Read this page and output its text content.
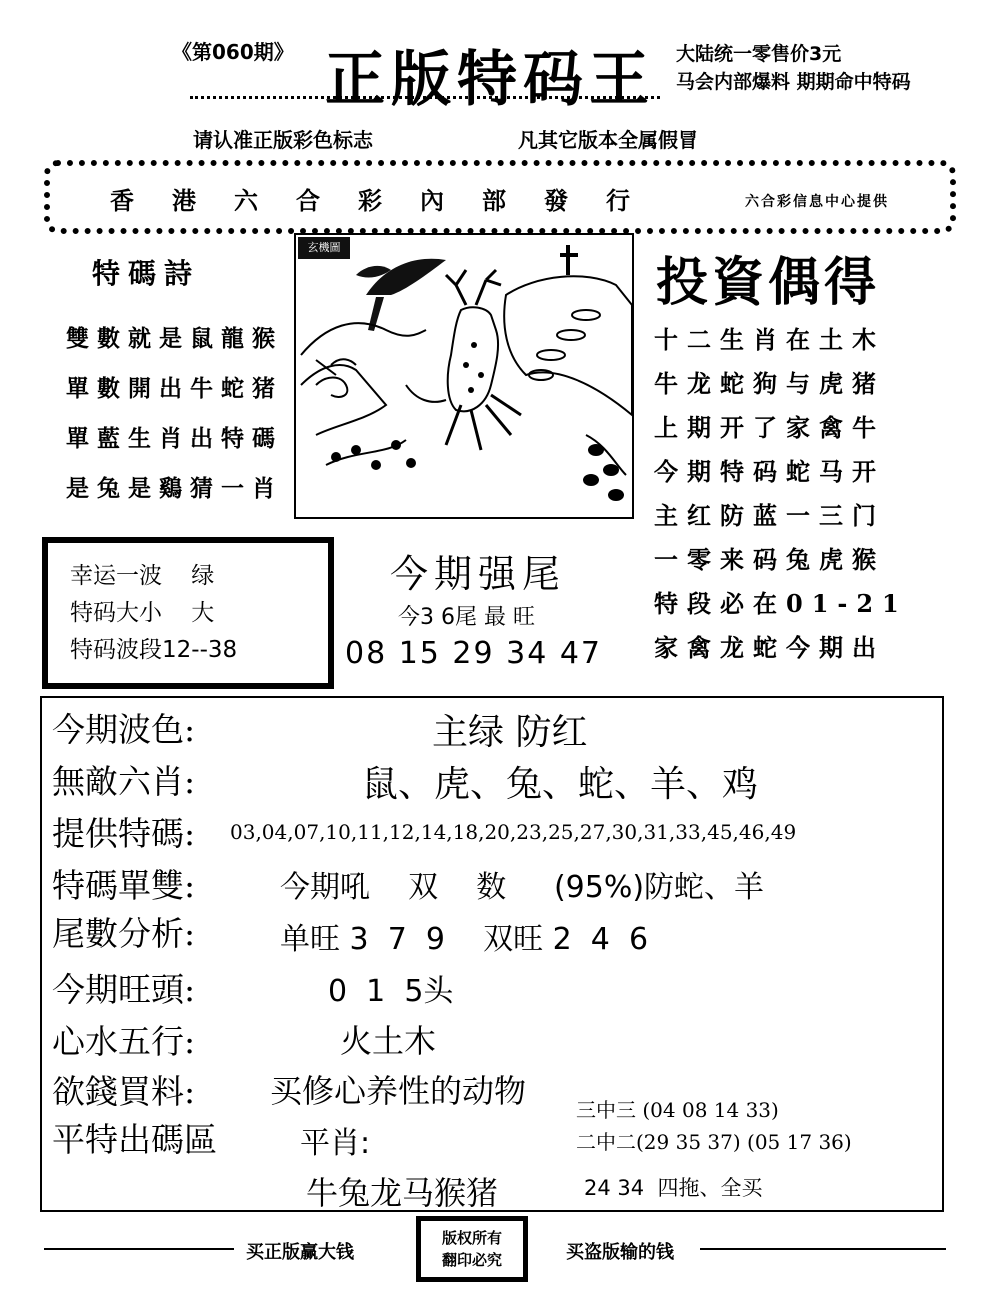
《第060期》 正版特码王 大陆统一零售价3元
马会内部爆料 期期命中特码
请认准正版彩色标志	凡其它版本全属假冒
香港六合彩內部發行	六合彩信息中心提供
特碼詩
雙數就是鼠龍猴
單數開出牛蛇猪
單藍生肖出特碼
是兔是鷄猜一肖
玄機圖
投資偶得
十二生肖在土木
牛龙蛇狗与虎猪
上期开了家禽牛
今期特码蛇马开
主红防蓝一三门
一零来码兔虎猴
特段必在01-21
家禽龙蛇今期出
幸运一波 绿
特码大小 大
特码波段12--38
今期强尾
今3 6尾 最 旺
08 15 29 34 47
今期波色:	主绿 防红
無敵六肖:	鼠、虎、兔、蛇、羊、鸡
提供特碼: 03,04,07,10,11,12,14,18,20,23,25,27,30,31,33,45,46,49
特碼單雙:	今期吼    双    数     (95%)防蛇、羊
尾數分析:	单旺 3  7  9    双旺 2  4  6
今期旺頭:	0  1  5头
心水五行:	火土木
欲錢買料: 买修心养性的动物
平特出碼區	平肖:
牛兔龙马猴猪
三中三 (04 08 14 33)
二中二(29 35 37) (05 17 36)
24 34  四拖、全买
买正版赢大钱
版权所有
翻印必究	买盗版输的钱
